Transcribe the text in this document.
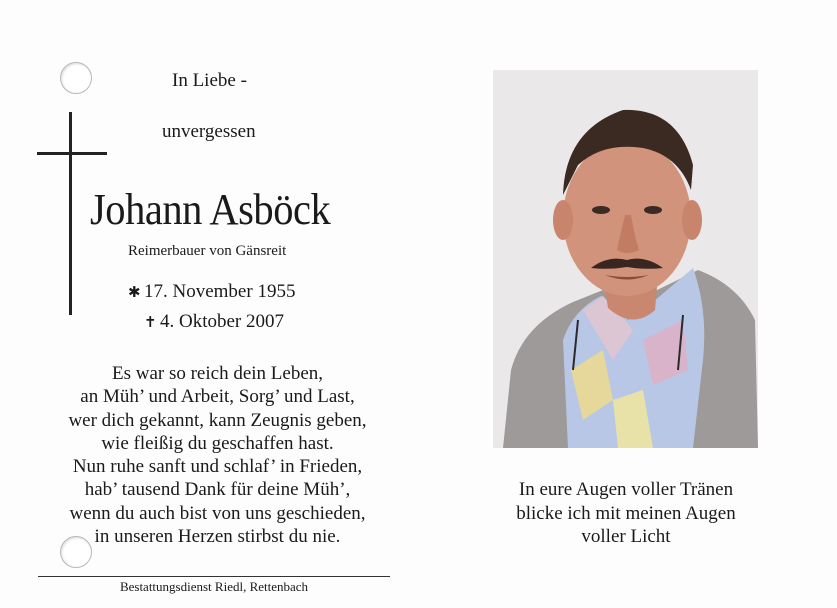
In Liebe -
unvergessen
Johann Asböck
Reimerbauer von Gänsreit
✱ 17. November 1955
✝ 4. Oktober 2007
Es war so reich dein Leben,
an Müh’ und Arbeit, Sorg’ und Last,
wer dich gekannt, kann Zeugnis geben,
wie fleißig du geschaffen hast.
Nun ruhe sanft und schlaf’ in Frieden,
hab’ tausend Dank für deine Müh’,
wenn du auch bist von uns geschieden,
in unseren Herzen stirbst du nie.
Bestattungsdienst Riedl, Rettenbach
In eure Augen voller Tränen
blicke ich mit meinen Augen
voller Licht
